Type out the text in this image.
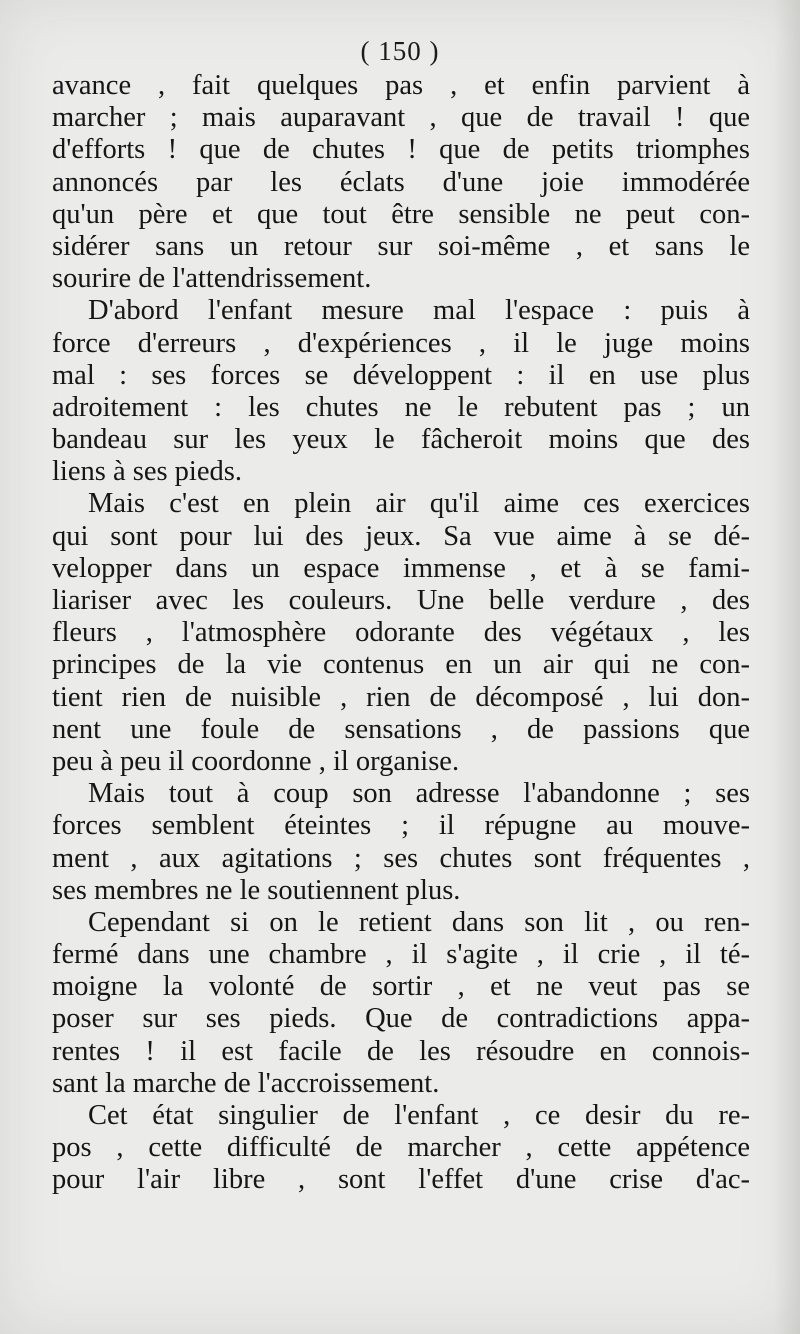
( 150 )
avance , fait quelques pas , et enfin parvient à
marcher ; mais auparavant , que de travail ! que
d'efforts ! que de chutes ! que de petits triomphes
annoncés par les éclats d'une joie immodérée
qu'un père et que tout être sensible ne peut con-
sidérer sans un retour sur soi-même , et sans le
sourire de l'attendrissement.
D'abord l'enfant mesure mal l'espace : puis à
force d'erreurs , d'expériences , il le juge moins
mal : ses forces se développent : il en use plus
adroitement : les chutes ne le rebutent pas ; un
bandeau sur les yeux le fâcheroit moins que des
liens à ses pieds.
Mais c'est en plein air qu'il aime ces exercices
qui sont pour lui des jeux. Sa vue aime à se dé-
velopper dans un espace immense , et à se fami-
liariser avec les couleurs. Une belle verdure , des
fleurs , l'atmosphère odorante des végétaux , les
principes de la vie contenus en un air qui ne con-
tient rien de nuisible , rien de décomposé , lui don-
nent une foule de sensations , de passions que
peu à peu il coordonne , il organise.
Mais tout à coup son adresse l'abandonne ; ses
forces semblent éteintes ; il répugne au mouve-
ment , aux agitations ; ses chutes sont fréquentes ,
ses membres ne le soutiennent plus.
Cependant si on le retient dans son lit , ou ren-
fermé dans une chambre , il s'agite , il crie , il té-
moigne la volonté de sortir , et ne veut pas se
poser sur ses pieds. Que de contradictions appa-
rentes ! il est facile de les résoudre en connois-
sant la marche de l'accroissement.
Cet état singulier de l'enfant , ce desir du re-
pos , cette difficulté de marcher , cette appétence
pour l'air libre , sont l'effet d'une crise d'ac-
